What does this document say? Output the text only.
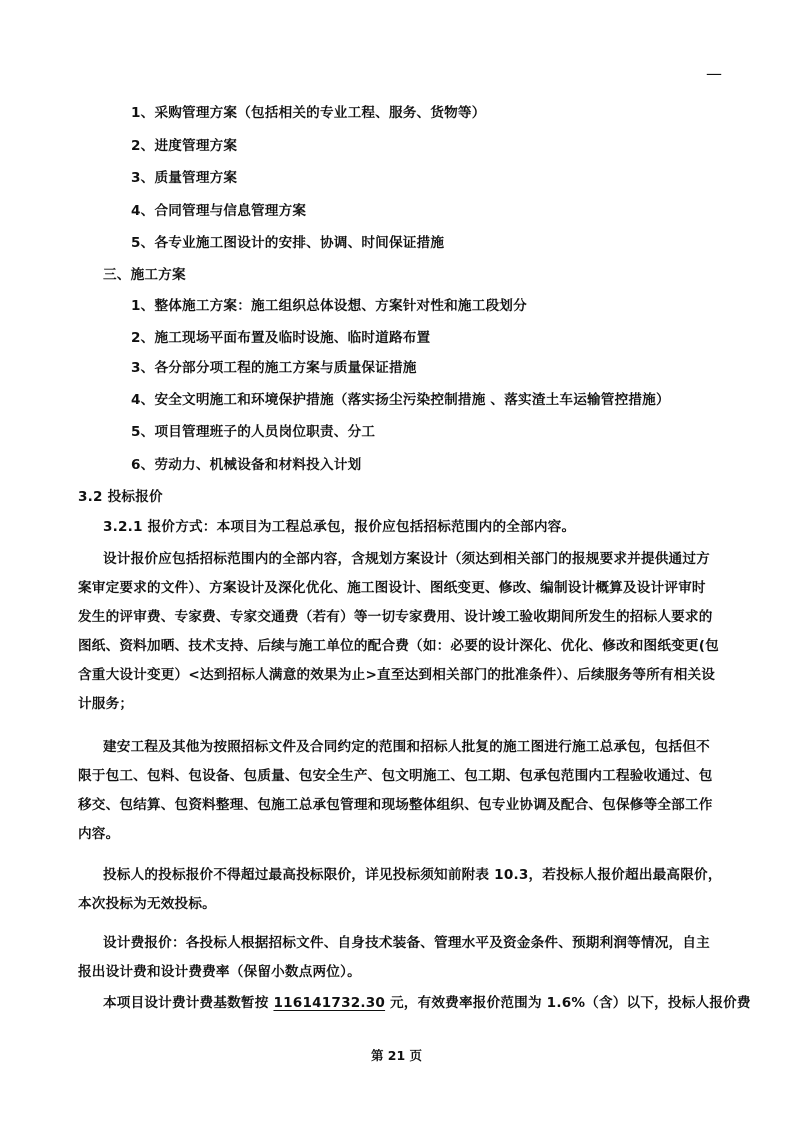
—
1、采购管理方案（包括相关的专业工程、服务、货物等）
2、进度管理方案
3、质量管理方案
4、合同管理与信息管理方案
5、各专业施工图设计的安排、协调、时间保证措施
三、施工方案
1、整体施工方案：施工组织总体设想、方案针对性和施工段划分
2、施工现场平面布置及临时设施、临时道路布置
3、各分部分项工程的施工方案与质量保证措施
4、安全文明施工和环境保护措施（落实扬尘污染控制措施 、落实渣土车运输管控措施）
5、项目管理班子的人员岗位职责、分工
6、劳动力、机械设备和材料投入计划
3.2 投标报价
3.2.1 报价方式：本项目为工程总承包，报价应包括招标范围内的全部内容。
设计报价应包括招标范围内的全部内容，含规划方案设计（须达到相关部门的报规要求并提供通过方
案审定要求的文件）、方案设计及深化优化、施工图设计、图纸变更、修改、编制设计概算及设计评审时
发生的评审费、专家费、专家交通费（若有）等一切专家费用、设计竣工验收期间所发生的招标人要求的
图纸、资料加晒、技术支持、后续与施工单位的配合费（如：必要的设计深化、优化、修改和图纸变更(包
含重大设计变更）<达到招标人满意的效果为止>直至达到相关部门的批准条件）、后续服务等所有相关设
计服务；
建安工程及其他为按照招标文件及合同约定的范围和招标人批复的施工图进行施工总承包，包括但不
限于包工、包料、包设备、包质量、包安全生产、包文明施工、包工期、包承包范围内工程验收通过、包
移交、包结算、包资料整理、包施工总承包管理和现场整体组织、包专业协调及配合、包保修等全部工作
内容。
投标人的投标报价不得超过最高投标限价，详见投标须知前附表 10.3，若投标人报价超出最高限价，
本次投标为无效投标。
设计费报价：各投标人根据招标文件、自身技术装备、管理水平及资金条件、预期利润等情况，自主
报出设计费和设计费费率（保留小数点两位）。
本项目设计费计费基数暂按 116141732.30 元，有效费率报价范围为 1.6%（含）以下，投标人报价费
第 21 页
